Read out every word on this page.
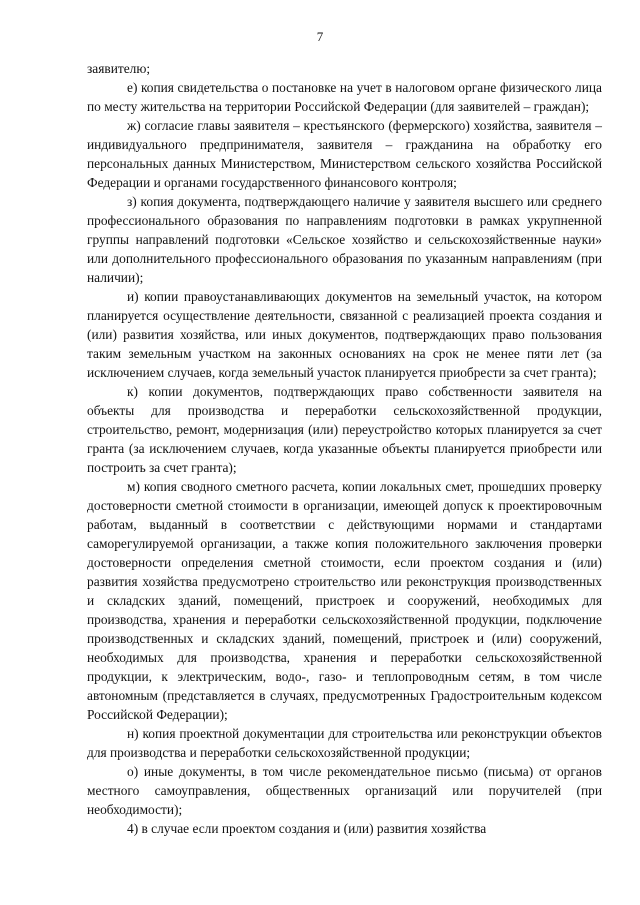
7

заявителю;

е) копия свидетельства о постановке на учет в налоговом органе физического лица по месту жительства на территории Российской Федерации (для заявителей – граждан);

ж) согласие главы заявителя – крестьянского (фермерского) хозяйства, заявителя – индивидуального предпринимателя, заявителя – гражданина на обработку его персональных данных Министерством, Министерством сельского хозяйства Российской Федерации и органами государственного финансового контроля;

з) копия документа, подтверждающего наличие у заявителя высшего или среднего профессионального образования по направлениям подготовки в рамках укрупненной группы направлений подготовки «Сельское хозяйство и сельскохозяйственные науки» или дополнительного профессионального образования по указанным направлениям (при наличии);

и) копии правоустанавливающих документов на земельный участок, на котором планируется осуществление деятельности, связанной с реализацией проекта создания и (или) развития хозяйства, или иных документов, подтверждающих право пользования таким земельным участком на законных основаниях на срок не менее пяти лет (за исключением случаев, когда земельный участок планируется приобрести за счет гранта);

к) копии документов, подтверждающих право собственности заявителя на объекты для производства и переработки сельскохозяйственной продукции, строительство, ремонт, модернизация (или) переустройство которых планируется за счет гранта (за исключением случаев, когда указанные объекты планируется приобрести или построить за счет гранта);

м) копия сводного сметного расчета, копии локальных смет, прошедших проверку достоверности сметной стоимости в организации, имеющей допуск к проектировочным работам, выданный в соответствии с действующими нормами и стандартами саморегулируемой организации, а также копия положительного заключения проверки достоверности определения сметной стоимости, если проектом создания и (или) развития хозяйства предусмотрено строительство или реконструкция производственных и складских зданий, помещений, пристроек и сооружений, необходимых для производства, хранения и переработки сельскохозяйственной продукции, подключение производственных и складских зданий, помещений, пристроек и (или) сооружений, необходимых для производства, хранения и переработки сельскохозяйственной продукции, к электрическим, водо-, газо- и теплопроводным сетям, в том числе автономным (представляется в случаях, предусмотренных Градостроительным кодексом Российской Федерации);

н) копия проектной документации для строительства или реконструкции объектов для производства и переработки сельскохозяйственной продукции;

о) иные документы, в том числе рекомендательное письмо (письма) от органов местного самоуправления, общественных организаций или поручителей (при необходимости);

4) в случае если проектом создания и (или) развития хозяйства
